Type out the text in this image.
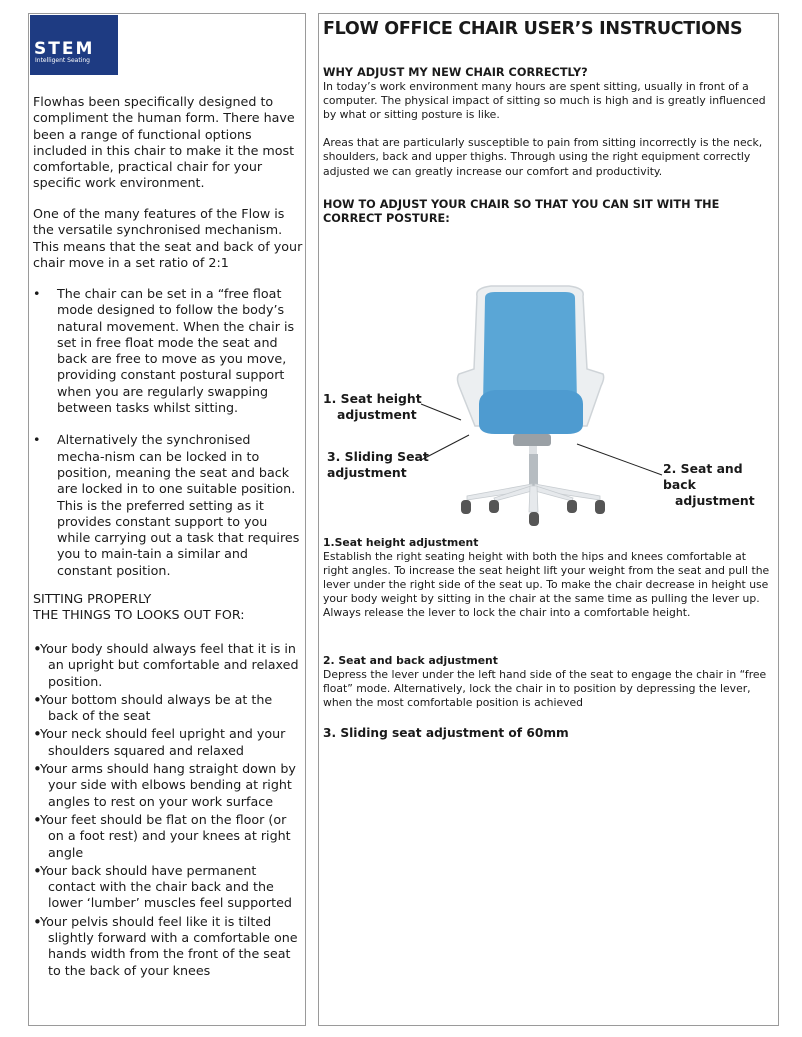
STEM
Intelligent Seating

Flowhas been specifically designed to compliment the human form. There have been a range of functional options included in this chair to make it the most comfortable, practical chair for your specific work environment.

One of the many features of the Flow is the versatile synchronised mechanism. This means that the seat and back of your chair move in a set ratio of 2:1

• The chair can be set in a “free float mode designed to follow the body’s natural movement. When the chair is set in free float mode the seat and back are free to move as you move, providing constant postural support when you are regularly swapping between tasks whilst sitting.
• Alternatively the synchronised mecha-nism can be locked in to position, meaning the seat and back are locked in to one suitable position. This is the preferred setting as it provides constant support to you while carrying out a task that requires you to main-tain a similar and constant position.

SITTING PROPERLY

THE THINGS TO LOOKS OUT FOR:

• Your body should always feel that it is in an upright but comfortable and relaxed position.
• Your bottom should always be at the back of the seat
• Your neck should feel upright and your shoulders squared and relaxed
• Your arms should hang straight down by your side with elbows bending at right angles to rest on your work surface
• Your feet should be flat on the floor (or on a foot rest) and your knees at right angle
• Your back should have permanent contact with the chair back and the lower ‘lumber’ muscles feel supported
• Your pelvis should feel like it is tilted slightly forward with a comfortable one hands width from the front of the seat to the back of your knees
FLOW OFFICE CHAIR USER’S INSTRUCTIONS

WHY ADJUST MY NEW CHAIR CORRECTLY?

In today’s work environment many hours are spent sitting, usually in front of a computer. The physical impact of sitting so much is high and is greatly influenced by what or sitting posture is like.

Areas that are particularly susceptible to pain from sitting incorrectly is the neck, shoulders, back and upper thighs. Through using the right equipment correctly adjusted we can greatly increase our comfort and productivity.

HOW TO ADJUST YOUR CHAIR SO THAT YOU CAN SIT WITH THE CORRECT POSTURE:

1. Seat height
adjustment
3. Sliding Seat
adjustment	2. Seat and back
adjustment

1.Seat height adjustment

Establish the right seating height with both the hips and knees comfortable at right angles. To increase the seat height lift your weight from the seat and pull the lever under the right side of the seat up. To make the chair decrease in height use your body weight by sitting in the chair at the same time as pulling the lever up. Always release the lever to lock the chair into a comfortable height.

2. Seat and back adjustment

Depress the lever under the left hand side of the seat to engage the chair in “free float” mode. Alternatively, lock the chair in to position by depressing the lever, when the most comfortable position is achieved

3. Sliding seat adjustment of 60mm
